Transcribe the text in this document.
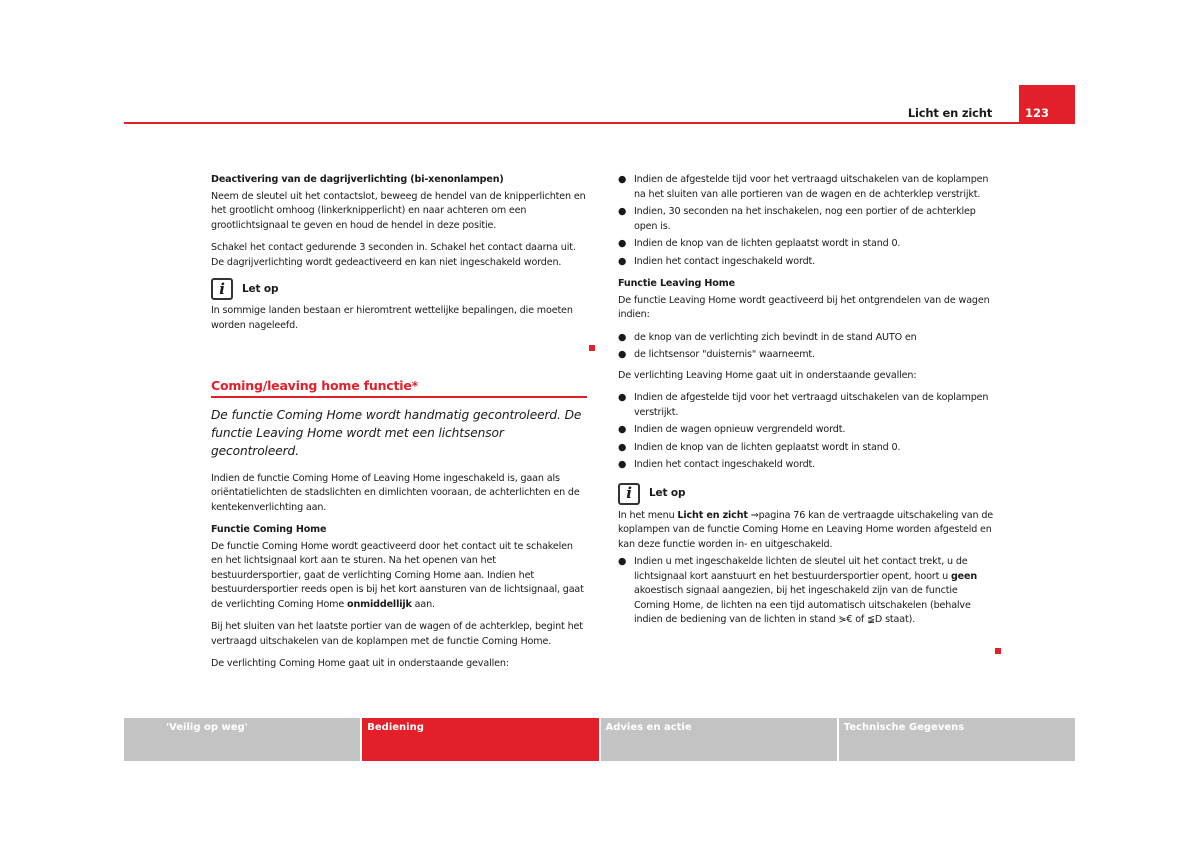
Licht en zicht	123
Deactivering van de dagrijverlichting (bi-xenonlampen)

Neem de sleutel uit het contactslot, beweeg de hendel van de knipperlichten en het grootlicht omhoog (linkerknipperlicht) en naar achteren om een grootlichtsignaal te geven en houd de hendel in deze positie.

Schakel het contact gedurende 3 seconden in. Schakel het contact daarna uit. De dagrijverlichting wordt gedeactiveerd en kan niet ingeschakeld worden.

i	Let op

In sommige landen bestaan er hieromtrent wettelijke bepalingen, die moeten worden nageleefd.

Coming/leaving home functie*
De functie Coming Home wordt handmatig gecontroleerd. De functie Leaving Home wordt met een lichtsensor gecontroleerd.

Indien de functie Coming Home of Leaving Home ingeschakeld is, gaan als oriëntatielichten de stadslichten en dimlichten vooraan, de achterlichten en de kentekenverlichting aan.

Functie Coming Home

De functie Coming Home wordt geactiveerd door het contact uit te schakelen en het lichtsignaal kort aan te sturen. Na het openen van het bestuurdersportier, gaat de verlichting Coming Home aan. Indien het bestuurdersportier reeds open is bij het kort aansturen van de lichtsignaal, gaat de verlichting Coming Home onmiddellijk aan.

Bij het sluiten van het laatste portier van de wagen of de achterklep, begint het vertraagd uitschakelen van de koplampen met de functie Coming Home.

De verlichting Coming Home gaat uit in onderstaande gevallen:

● Indien de afgestelde tijd voor het vertraagd uitschakelen van de koplampen na het sluiten van alle portieren van de wagen en de achterklep verstrijkt.
● Indien, 30 seconden na het inschakelen, nog een portier of de achterklep open is.
● Indien de knop van de lichten geplaatst wordt in stand 0.
● Indien het contact ingeschakeld wordt.
Functie Leaving Home

De functie Leaving Home wordt geactiveerd bij het ontgrendelen van de wagen indien:

● de knop van de verlichting zich bevindt in de stand AUTO en
● de lichtsensor "duisternis" waarneemt.

De verlichting Leaving Home gaat uit in onderstaande gevallen:

● Indien de afgestelde tijd voor het vertraagd uitschakelen van de koplampen verstrijkt.
● Indien de wagen opnieuw vergrendeld wordt.
● Indien de knop van de lichten geplaatst wordt in stand 0.
● Indien het contact ingeschakeld wordt.
i	Let op

In het menu Licht en zicht ⇒pagina 76 kan de vertraagde uitschakeling van de koplampen van de functie Coming Home en Leaving Home worden afgesteld en kan deze functie worden in- en uitgeschakeld.

● Indien u met ingeschakelde lichten de sleutel uit het contact trekt, u de lichtsignaal kort aanstuurt en het bestuurdersportier opent, hoort u geen akoestisch signaal aangezien, bij het ingeschakeld zijn van de functie Coming Home, de lichten na een tijd automatisch uitschakelen (behalve indien de bediening van de lichten in stand ⋟€ of ≨D staat).
'Veilig op weg'	Bediening	Advies en actie	Technische Gegevens
